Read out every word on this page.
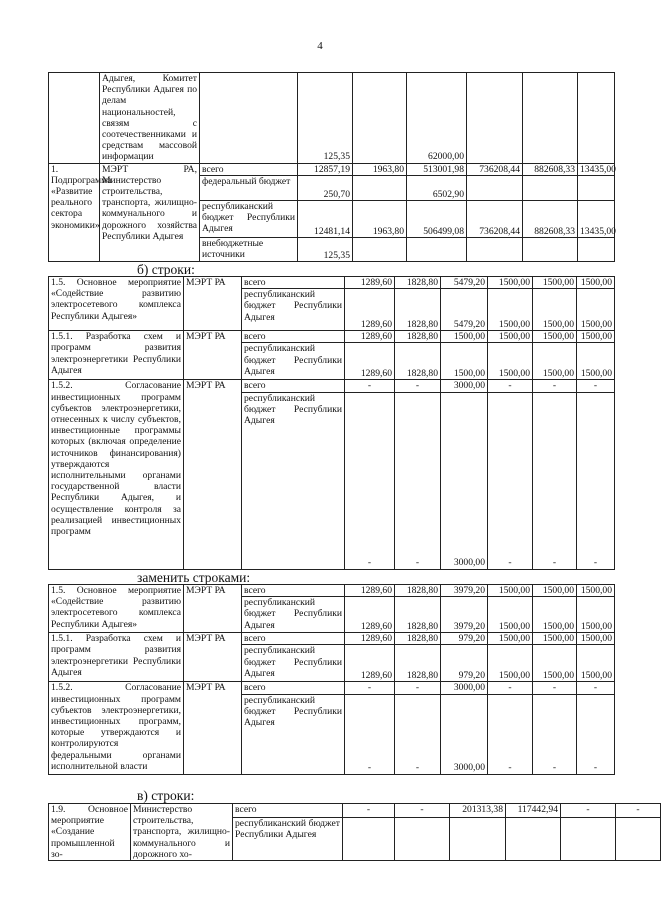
4
	Адыгея, Комитет Республики Адыгея по делам национальностей, связям с соотечественниками и средствам массовой информации		125,35		62000,00			
1. Подпрограмма «Развитие реального сектора экономики»	МЭРТ РА, Министерство строительства, транспорта, жилищно-коммунального и дорожного хозяйства Республики Адыгея	всего	12857,19	1963,80	513001,98	736208,44	882608,33	13435,00
		федеральный бюджет	250,70		6502,90			
		республиканский бюджет Республики Адыгея	12481,14	1963,80	506499,08	736208,44	882608,33	13435,00
		внебюджетные источники	125,35					
б) строки:
1.5. Основное мероприятие «Содействие развитию электросетевого комплекса Республики Адыгея»	МЭРТ РА	всего	1289,60	1828,80	5479,20	1500,00	1500,00	1500,00
		республиканский бюджет Республики Адыгея	1289,60	1828,80	5479,20	1500,00	1500,00	1500,00
1.5.1. Разработка схем и программ развития электроэнергетики Республики Адыгея	МЭРТ РА	всего	1289,60	1828,80	1500,00	1500,00	1500,00	1500,00
		республиканский бюджет Республики Адыгея	1289,60	1828,80	1500,00	1500,00	1500,00	1500,00
1.5.2. Согласование инвестиционных программ субъектов электроэнергетики, отнесенных к числу субъектов, инвестиционные программы которых (включая определение источников финансирования) утверждаются исполнительными органами государственной власти Республики Адыгея, и осуществление контроля за реализацией инвестиционных программ	МЭРТ РА	всего	-	-	3000,00	-	-	-
		республиканский бюджет Республики Адыгея	-	-	3000,00	-	-	-
заменить строками:
1.5. Основное мероприятие «Содействие развитию электросетевого комплекса Республики Адыгея»	МЭРТ РА	всего	1289,60	1828,80	3979,20	1500,00	1500,00	1500,00
		республиканский бюджет Республики Адыгея	1289,60	1828,80	3979,20	1500,00	1500,00	1500,00
1.5.1. Разработка схем и программ развития электроэнергетики Республики Адыгея	МЭРТ РА	всего	1289,60	1828,80	979,20	1500,00	1500,00	1500,00
		республиканский бюджет Республики Адыгея	1289,60	1828,80	979,20	1500,00	1500,00	1500,00
1.5.2. Согласование инвестиционных программ субъектов электроэнергетики, инвестиционных программ, которые утверждаются и контролируются федеральными органами исполнительной власти	МЭРТ РА	всего	-	-	3000,00	-	-	-
		республиканский бюджет Республики Адыгея	-	-	3000,00	-	-	-
в) строки:
1.9. Основное мероприятие «Создание промышленной зо-	Министерство строительства, транспорта, жилищно-коммунального и дорожного хо-	всего	-	-	201313,38	117442,94	-	-
		республиканский бюджет Республики Адыгея						
